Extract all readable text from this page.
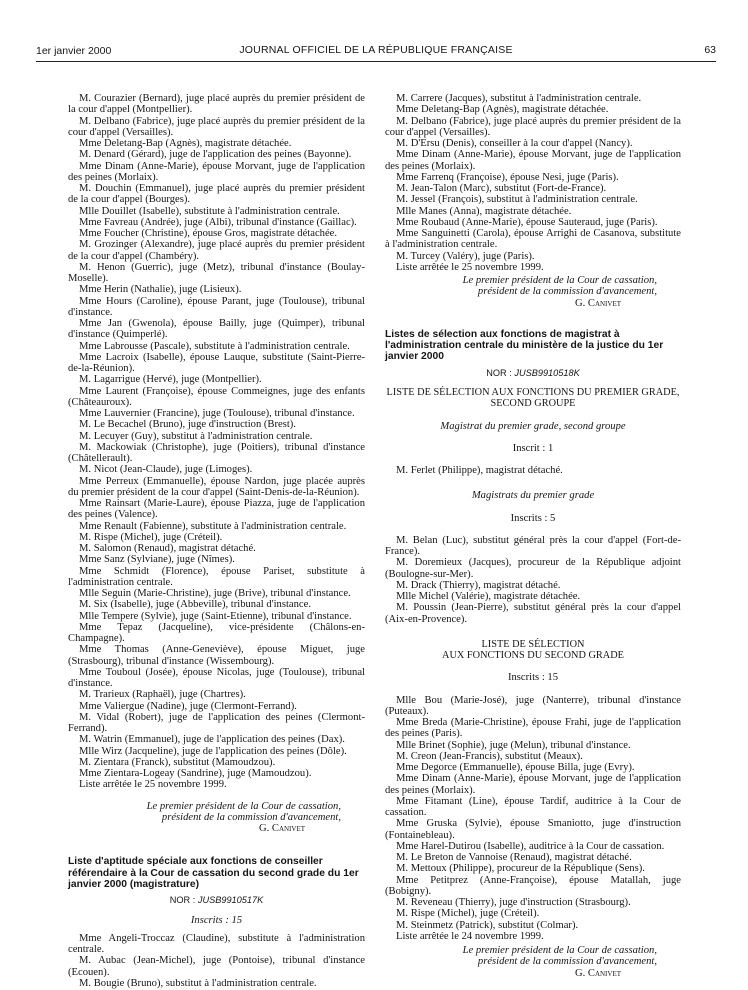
1er janvier 2000	JOURNAL OFFICIEL DE LA RÉPUBLIQUE FRANÇAISE	63

M. Courazier (Bernard), juge placé auprès du premier président de la cour d'appel (Montpellier).

M. Delbano (Fabrice), juge placé auprès du premier président de la cour d'appel (Versailles).

Mme Deletang-Bap (Agnès), magistrate détachée.

M. Denard (Gérard), juge de l'application des peines (Bayonne).

Mme Dinam (Anne-Marie), épouse Morvant, juge de l'application des peines (Morlaix).

M. Douchin (Emmanuel), juge placé auprès du premier président de la cour d'appel (Bourges).

Mlle Douillet (Isabelle), substitute à l'administration centrale.

Mme Favreau (Andrée), juge (Albi), tribunal d'instance (Gaillac).

Mme Foucher (Christine), épouse Gros, magistrate détachée.

M. Grozinger (Alexandre), juge placé auprès du premier président de la cour d'appel (Chambéry).

M. Henon (Guerric), juge (Metz), tribunal d'instance (Boulay-Moselle).

Mme Herin (Nathalie), juge (Lisieux).

Mme Hours (Caroline), épouse Parant, juge (Toulouse), tribunal d'instance.

Mme Jan (Gwenola), épouse Bailly, juge (Quimper), tribunal d'instance (Quimperlé).

Mme Labrousse (Pascale), substitute à l'administration centrale.

Mme Lacroix (Isabelle), épouse Lauque, substitute (Saint-Pierre-de-la-Réunion).

M. Lagarrigue (Hervé), juge (Montpellier).

Mme Laurent (Françoise), épouse Commeignes, juge des enfants (Châteauroux).

Mme Lauvernier (Francine), juge (Toulouse), tribunal d'instance.

M. Le Becachel (Bruno), juge d'instruction (Brest).

M. Lecuyer (Guy), substitut à l'administration centrale.

M. Mackowiak (Christophe), juge (Poitiers), tribunal d'instance (Châtellerault).

M. Nicot (Jean-Claude), juge (Limoges).

Mme Perreux (Emmanuelle), épouse Nardon, juge placée auprès du premier président de la cour d'appel (Saint-Denis-de-la-Réunion).

Mme Rainsart (Marie-Laure), épouse Piazza, juge de l'application des peines (Valence).

Mme Renault (Fabienne), substitute à l'administration centrale.

M. Rispe (Michel), juge (Créteil).

M. Salomon (Renaud), magistrat détaché.

Mme Sanz (Sylviane), juge (Nîmes).

Mme Schmidt (Florence), épouse Pariset, substitute à l'administration centrale.

Mlle Seguin (Marie-Christine), juge (Brive), tribunal d'instance.

M. Six (Isabelle), juge (Abbeville), tribunal d'instance.

Mlle Tempere (Sylvie), juge (Saint-Etienne), tribunal d'instance.

Mme Tepaz (Jacqueline), vice-présidente (Châlons-en-Champagne).

Mme Thomas (Anne-Geneviève), épouse Miguet, juge (Strasbourg), tribunal d'instance (Wissembourg).

Mme Touboul (Josée), épouse Nicolas, juge (Toulouse), tribunal d'instance.

M. Trarieux (Raphaël), juge (Chartres).

Mme Valiergue (Nadine), juge (Clermont-Ferrand).

M. Vidal (Robert), juge de l'application des peines (Clermont-Ferrand).

M. Watrin (Emmanuel), juge de l'application des peines (Dax).

Mlle Wirz (Jacqueline), juge de l'application des peines (Dôle).

M. Zientara (Franck), substitut (Mamoudzou).

Mme Zientara-Logeay (Sandrine), juge (Mamoudzou).

Liste arrêtée le 25 novembre 1999.

Le premier président de la Cour de cassation,
président de la commission d'avancement,
G. Canivet
Liste d'aptitude spéciale aux fonctions de conseiller référendaire à la Cour de cassation du second grade du 1er janvier 2000 (magistrature)
NOR : JUSB9910517K

Inscrits : 15

Mme Angeli-Troccaz (Claudine), substitute à l'administration centrale.

M. Aubac (Jean-Michel), juge (Pontoise), tribunal d'instance (Ecouen).

M. Bougie (Bruno), substitut à l'administration centrale.

M. Carrere (Jacques), substitut à l'administration centrale.

Mme Deletang-Bap (Agnès), magistrate détachée.

M. Delbano (Fabrice), juge placé auprès du premier président de la cour d'appel (Versailles).

M. D'Ersu (Denis), conseiller à la cour d'appel (Nancy).

Mme Dinam (Anne-Marie), épouse Morvant, juge de l'application des peines (Morlaix).

Mme Farrenq (Françoise), épouse Nesi, juge (Paris).

M. Jean-Talon (Marc), substitut (Fort-de-France).

M. Jessel (François), substitut à l'administration centrale.

Mlle Manes (Anna), magistrate détachée.

Mme Roubaud (Anne-Marie), épouse Sauteraud, juge (Paris).

Mme Sanguinetti (Carola), épouse Arrighi de Casanova, substitute à l'administration centrale.

M. Turcey (Valéry), juge (Paris).

Liste arrêtée le 25 novembre 1999.

Le premier président de la Cour de cassation,
président de la commission d'avancement,
G. Canivet
Listes de sélection aux fonctions de magistrat à l'administration centrale du ministère de la justice du 1er janvier 2000
NOR : JUSB9910518K

LISTE DE SÉLECTION AUX FONCTIONS DU PREMIER GRADE,

SECOND GROUPE

Magistrat du premier grade, second groupe

Inscrit : 1

M. Ferlet (Philippe), magistrat détaché.

Magistrats du premier grade

Inscrits : 5

M. Belan (Luc), substitut général près la cour d'appel (Fort-de-France).

M. Doremieux (Jacques), procureur de la République adjoint (Boulogne-sur-Mer).

M. Drack (Thierry), magistrat détaché.

Mlle Michel (Valérie), magistrate détachée.

M. Poussin (Jean-Pierre), substitut général près la cour d'appel (Aix-en-Provence).

LISTE DE SÉLECTION

AUX FONCTIONS DU SECOND GRADE

Inscrits : 15

Mlle Bou (Marie-José), juge (Nanterre), tribunal d'instance (Puteaux).

Mme Breda (Marie-Christine), épouse Frahi, juge de l'application des peines (Paris).

Mlle Brinet (Sophie), juge (Melun), tribunal d'instance.

M. Creon (Jean-Francis), substitut (Meaux).

Mme Degorce (Emmanuelle), épouse Billa, juge (Evry).

Mme Dinam (Anne-Marie), épouse Morvant, juge de l'application des peines (Morlaix).

Mme Fitamant (Line), épouse Tardif, auditrice à la Cour de cassation.

Mme Gruska (Sylvie), épouse Smaniotto, juge d'instruction (Fontainebleau).

Mme Harel-Dutirou (Isabelle), auditrice à la Cour de cassation.

M. Le Breton de Vannoise (Renaud), magistrat détaché.

M. Mettoux (Philippe), procureur de la République (Sens).

Mme Petitprez (Anne-Françoise), épouse Matallah, juge (Bobigny).

M. Reveneau (Thierry), juge d'instruction (Strasbourg).

M. Rispe (Michel), juge (Créteil).

M. Steinmetz (Patrick), substitut (Colmar).

Liste arrêtée le 24 novembre 1999.

Le premier président de la Cour de cassation,
président de la commission d'avancement,
G. Canivet
